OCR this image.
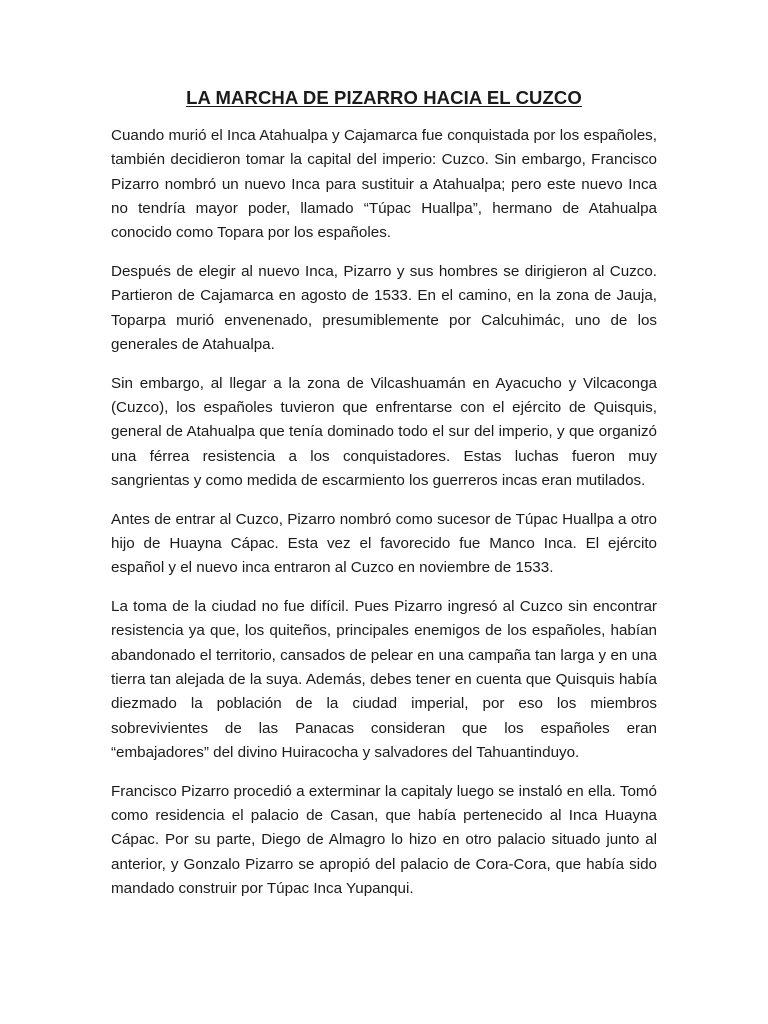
LA MARCHA DE PIZARRO HACIA EL CUZCO

Cuando murió el Inca Atahualpa y Cajamarca fue conquistada por los españoles, también decidieron tomar la capital del imperio: Cuzco. Sin embargo, Francisco Pizarro nombró un nuevo Inca para sustituir a Atahualpa; pero este nuevo Inca no tendría mayor poder, llamado “Túpac Huallpa”, hermano de Atahualpa conocido como Topara por los españoles.

Después de elegir al nuevo Inca, Pizarro y sus hombres se dirigieron al Cuzco. Partieron de Cajamarca en agosto de 1533. En el camino, en la zona de Jauja, Toparpa murió envenenado, presumiblemente por Calcuhimác, uno de los generales de Atahualpa.

Sin embargo, al llegar a la zona de Vilcashuamán en Ayacucho y Vilcaconga (Cuzco), los españoles tuvieron que enfrentarse con el ejército de Quisquis, general de Atahualpa que tenía dominado todo el sur del imperio, y que organizó una férrea resistencia a los conquistadores. Estas luchas fueron muy sangrientas y como medida de escarmiento los guerreros incas eran mutilados.

Antes de entrar al Cuzco, Pizarro nombró como sucesor de Túpac Huallpa a otro hijo de Huayna Cápac. Esta vez el favorecido fue Manco Inca. El ejército español y el nuevo inca entraron al Cuzco en noviembre de 1533.

La toma de la ciudad no fue difícil. Pues Pizarro ingresó al Cuzco sin encontrar resistencia ya que, los quiteños, principales enemigos de los españoles, habían abandonado el territorio, cansados de pelear en una campaña tan larga y en una tierra tan alejada de la suya. Además, debes tener en cuenta que Quisquis había diezmado la población de la ciudad imperial, por eso los miembros sobrevivientes de las Panacas consideran que los españoles eran “embajadores” del divino Huiracocha y salvadores del Tahuantinduyo.

Francisco Pizarro procedió a exterminar la capitaly luego se instaló en ella. Tomó como residencia el palacio de Casan, que había pertenecido al Inca Huayna Cápac. Por su parte, Diego de Almagro lo hizo en otro palacio situado junto al anterior, y Gonzalo Pizarro se apropió del palacio de Cora-Cora, que había sido mandado construir por Túpac Inca Yupanqui.
